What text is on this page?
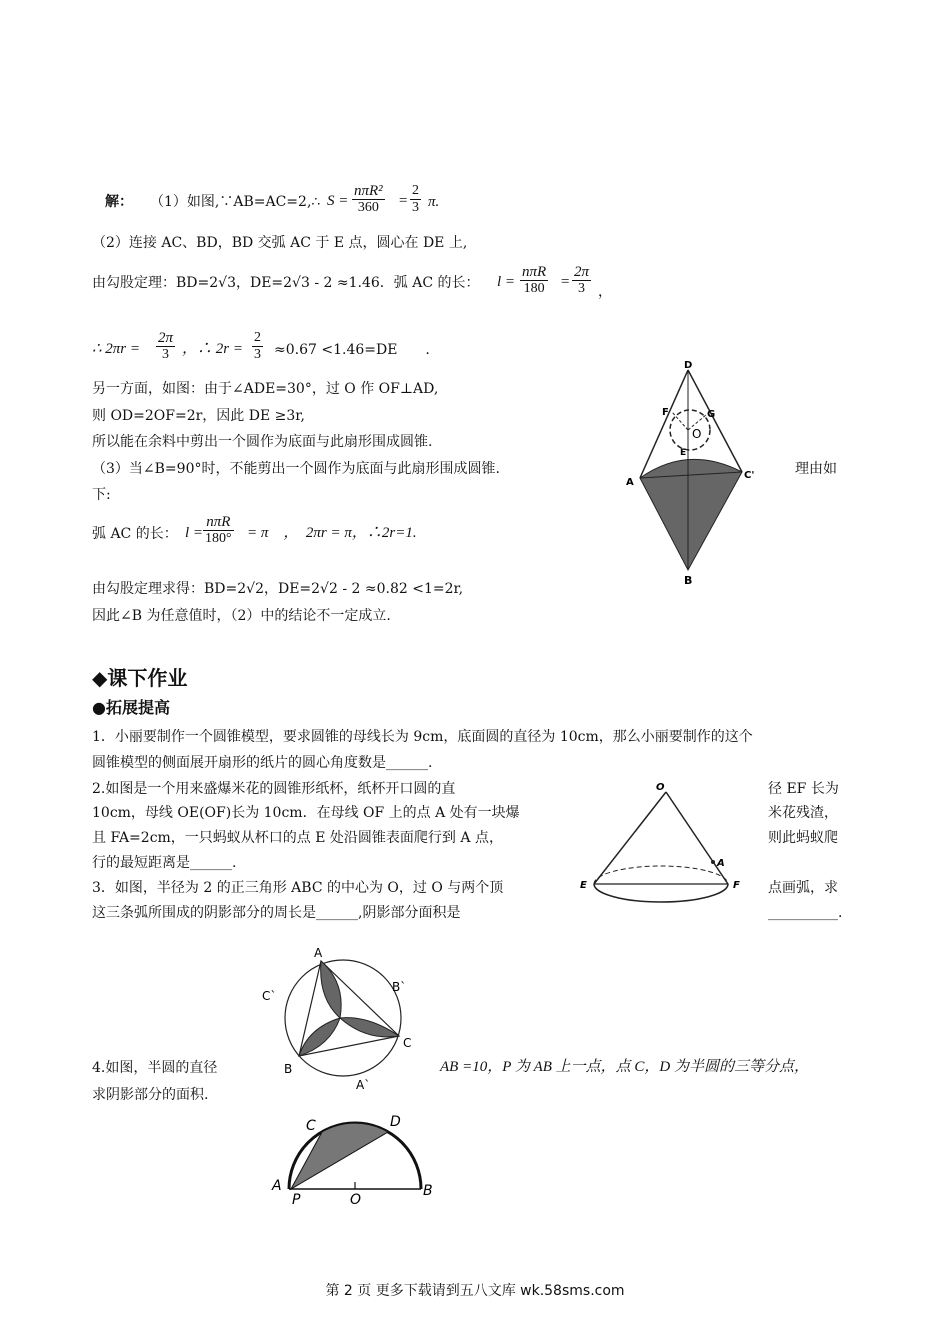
解： （1）如图,∵AB=AC=2,∴ S =
nπR²
360	= $\frac{2}{3} \pi$.
（2）连接 AC、BD，BD 交弧 AC 于 E 点，圆心在 DE 上,
由勾股定理：BD=2√3，DE=2√3 - 2 ≈1.46．弧 AC 的长： l =
nπR
$180 = \frac{2\pi}{3}$ ，
∴ $2\pi r = \frac{2\pi}{3}$ ，∴ $2r = \frac{2}{3} \approx 0.67 <1.46=DE$　　.
另一方面，如图：由于∠ADE=30°，过 O 作 OF⊥AD,
则 OD=2OF=2r，因此 DE ≥3r,
所以能在余料中剪出一个圆作为底面与此扇形围成圆锥.
（3）当∠B=90°时，不能剪出一个圆作为底面与此扇形围成圆锥.	理由如
下:
弧 AC 的长： l =
nπR
180° = π　，　2πr = π，∴2r=1.
由勾股定理求得：BD=2√2，DE=2√2 - 2 ≈0.82 <1=2r,
因此∠B 为任意值时，（2）中的结论不一定成立.
D
F	G
O
E
A
C'
B
◆课下作业
●拓展提高
1．小丽要制作一个圆锥模型，要求圆锥的母线长为 9cm，底面圆的直径为 10cm，那么小丽要制作的这个
圆锥模型的侧面展开扇形的纸片的圆心角度数是______.
2.如图是一个用来盛爆米花的圆锥形纸杯，纸杯开口圆的直	径 EF 长为
10cm，母线 OE(OF)长为 10cm．在母线 OF 上的点 A 处有一块爆	米花残渣，
且 FA=2cm，一只蚂蚁从杯口的点 E 处沿圆锥表面爬行到 A 点，	则此蚂蚁爬
行的最短距离是______.
3．如图，半径为 2 的正三角形 ABC 的中心为 O，过 O 与两个顶	点画弧，求
这三条弧所围成的阴影部分的周长是______,阴影部分面积是	__________.
O
A
E	F
A
B
C
A`
B`
C`
4.如图，半圆的直径	AB =10，P 为 AB 上一点，点 C，D 为半圆的三等分点，
求阴影部分的面积.
A	B
C	D
P	O
第 2 页 更多下载请到五八文库 wk.58sms.com
